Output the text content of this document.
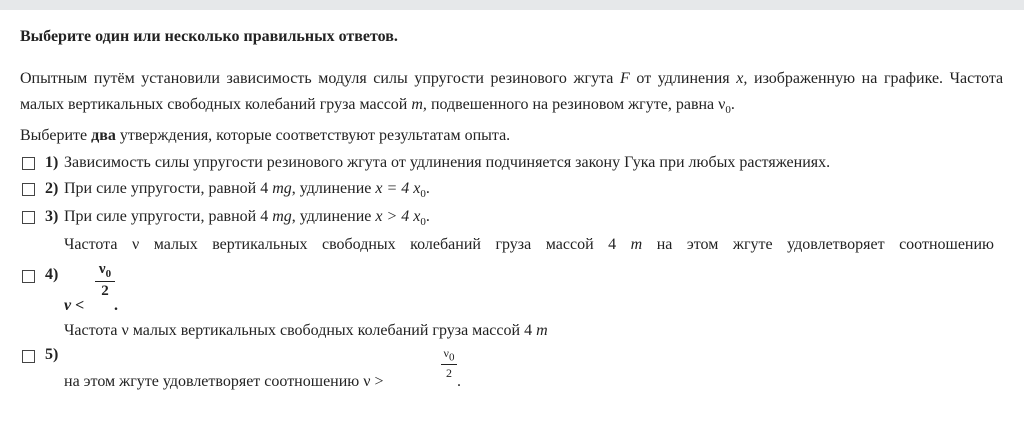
Выберите один или несколько правильных ответов.
Опытным путём установили зависимость модуля силы упругости резинового жгута F от удлинения x, изображенную на графике. Частота малых вертикальных свободных колебаний груза массой m, подвешенного на резиновом жгуте, равна $\nu_0$.
Выберите два утверждения, которые соответствуют результатам опыта.
1) Зависимость силы упругости резинового жгута от удлинения подчиняется закону Гука при любых растяжениях.
2) При силе упругости, равной 4 mg, удлинение x = 4 $x_0$.
3) При силе упругости, равной 4 mg, удлинение x > 4 $x_0$.
Частота ν малых вертикальных свободных колебаний груза массой 4 m на этом жгуте удовлетворяет соотношению
4)
ν <
$\nu_0$
2
.
Частота ν малых вертикальных свободных колебаний груза массой 4 m
5)
на этом жгуте удовлетворяет соотношению ν >
$\nu_0$
2 .
